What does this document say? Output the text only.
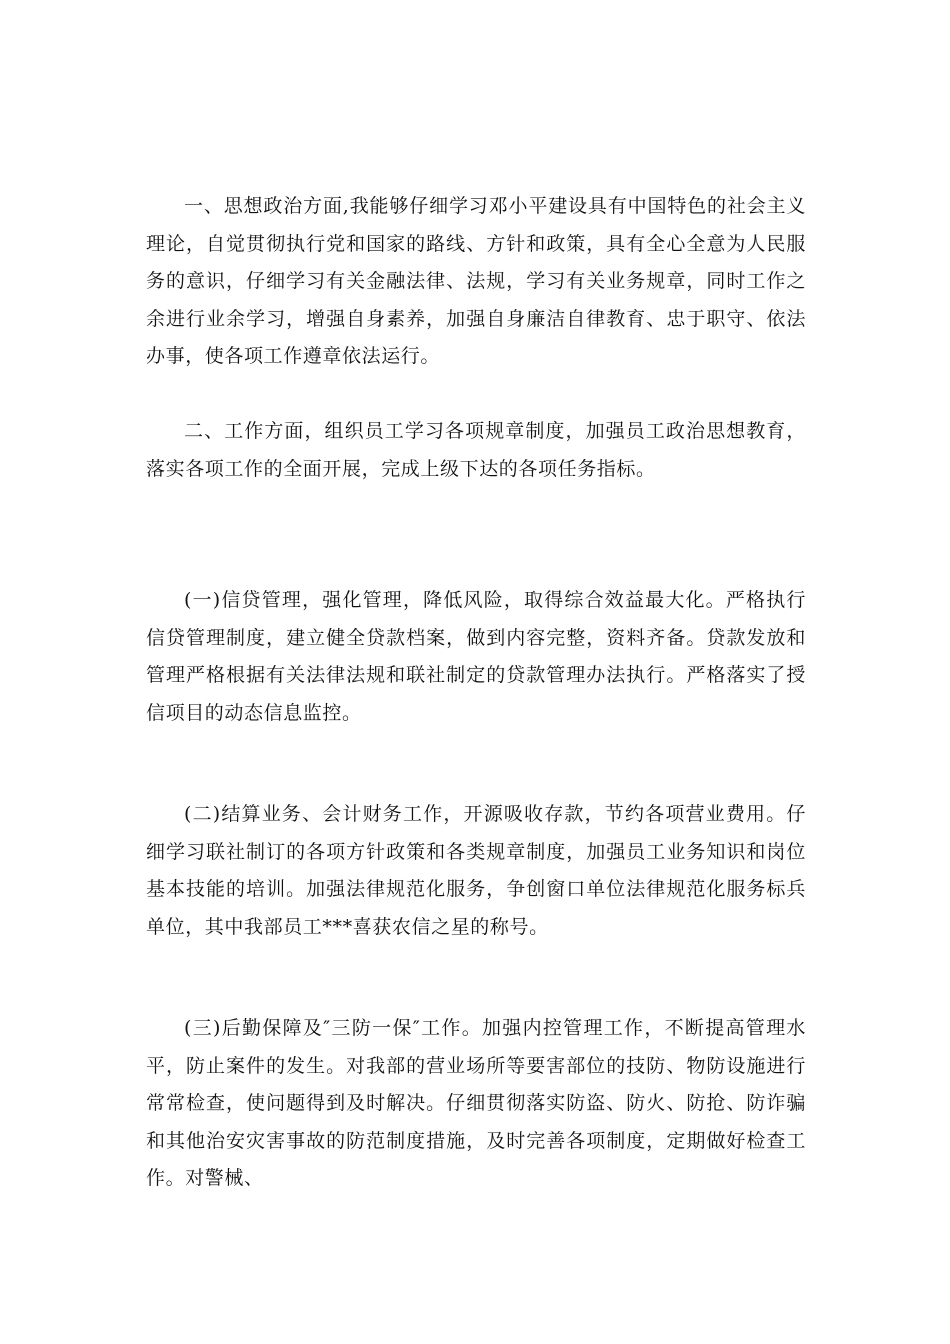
一、思想政治方面,我能够仔细学习邓小平建设具有中国特色的社会主义理论，自觉贯彻执行党和国家的路线、方针和政策，具有全心全意为人民服务的意识，仔细学习有关金融法律、法规，学习有关业务规章，同时工作之余进行业余学习，增强自身素养，加强自身廉洁自律教育、忠于职守、依法办事，使各项工作遵章依法运行。

二、工作方面，组织员工学习各项规章制度，加强员工政治思想教育，落实各项工作的全面开展，完成上级下达的各项任务指标。

(一)信贷管理，强化管理，降低风险，取得综合效益最大化。严格执行信贷管理制度，建立健全贷款档案，做到内容完整，资料齐备。贷款发放和管理严格根据有关法律法规和联社制定的贷款管理办法执行。严格落实了授信项目的动态信息监控。

(二)结算业务、会计财务工作，开源吸收存款，节约各项营业费用。仔细学习联社制订的各项方针政策和各类规章制度，加强员工业务知识和岗位基本技能的培训。加强法律规范化服务，争创窗口单位法律规范化服务标兵单位，其中我部员工***喜获农信之星的称号。

(三)后勤保障及″三防一保″工作。加强内控管理工作，不断提高管理水平，防止案件的发生。对我部的营业场所等要害部位的技防、物防设施进行常常检查，使问题得到及时解决。仔细贯彻落实防盗、防火、防抢、防诈骗和其他治安灾害事故的防范制度措施，及时完善各项制度，定期做好检查工作。对警械、
